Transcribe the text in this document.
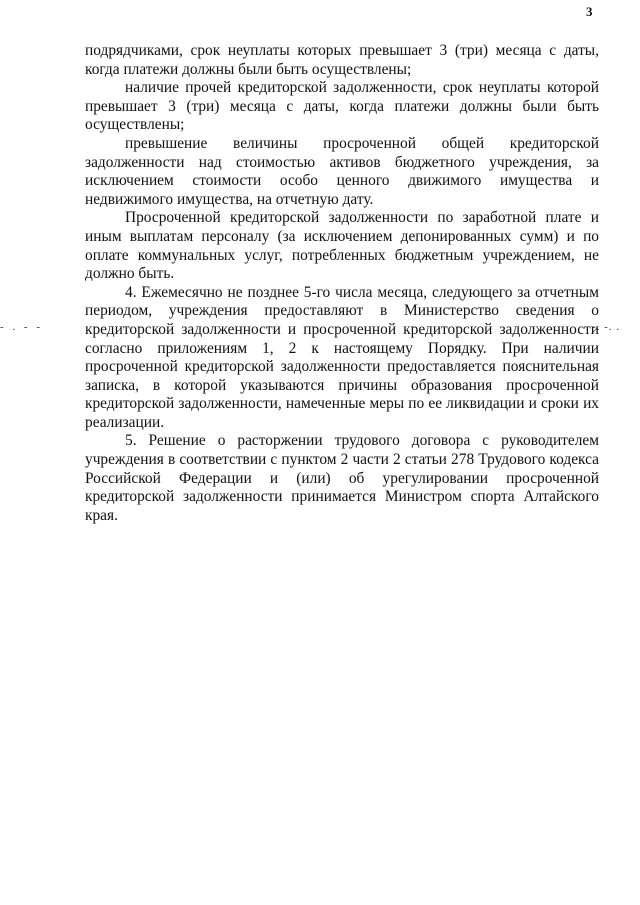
3
- . - -	-. -. .

подрядчиками, срок неуплаты которых превышает 3 (три) месяца с даты, когда платежи должны были быть осуществлены;

наличие прочей кредиторской задолженности, срок неуплаты которой превышает 3 (три) месяца с даты, когда платежи должны были быть осуществлены;

превышение величины просроченной общей кредиторской задолженности над стоимостью активов бюджетного учреждения, за исключением стоимости особо ценного движимого имущества и недвижимого имущества, на отчетную дату.

Просроченной кредиторской задолженности по заработной плате и иным выплатам персоналу (за исключением депонированных сумм) и по оплате коммунальных услуг, потребленных бюджетным учреждением, не должно быть.

4. Ежемесячно не позднее 5-го числа месяца, следующего за отчетным периодом, учреждения предоставляют в Министерство сведения о кредиторской задолженности и просроченной кредиторской задолженности согласно приложениям 1, 2 к настоящему Порядку. При наличии просроченной кредиторской задолженности предоставляется пояснительная записка, в которой указываются причины образования просроченной кредиторской задолженности, намеченные меры по ее ликвидации и сроки их реализации.

5. Решение о расторжении трудового договора с руководителем учреждения в соответствии с пунктом 2 части 2 статьи 278 Трудового кодекса Российской Федерации и (или) об урегулировании просроченной кредиторской задолженности принимается Министром спорта Алтайского края.
